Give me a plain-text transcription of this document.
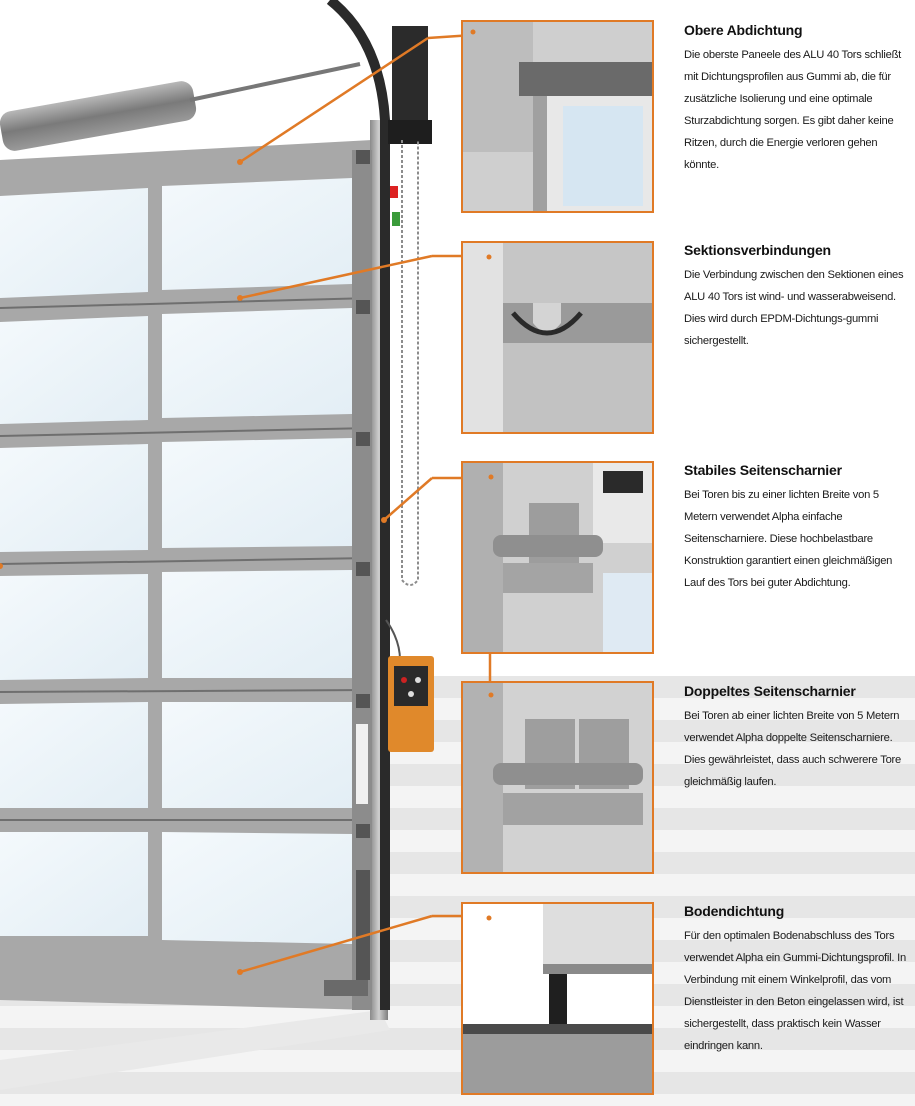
Obere Abdichtung

Die oberste Paneele des ALU 40 Tors schließt mit Dichtungsprofilen aus Gummi ab, die für zusätzliche Isolierung und eine optimale Sturzabdichtung sorgen. Es gibt daher keine Ritzen, durch die Energie verloren gehen könnte.

Sektionsverbindungen

Die Verbindung zwischen den Sektionen eines ALU 40 Tors ist wind- und wasserabweisend. Dies wird durch EPDM-Dichtungs-gummi sichergestellt.

Stabiles Seitenscharnier

Bei Toren bis zu einer lichten Breite von 5 Metern verwendet Alpha einfache Seitenscharniere. Diese hochbelastbare Konstruktion garantiert einen gleichmäßigen Lauf des Tors bei guter Abdichtung.

Doppeltes Seitenscharnier

Bei Toren ab einer lichten Breite von 5 Metern verwendet Alpha doppelte Seitenscharniere. Dies gewährleistet, dass auch schwerere Tore gleichmäßig laufen.

Bodendichtung

Für den optimalen Bodenabschluss des Tors verwendet Alpha ein Gummi-Dichtungsprofil. In Verbindung mit einem Winkelprofil, das vom Dienstleister in den Beton eingelassen wird, ist sichergestellt, dass praktisch kein Wasser eindringen kann.
